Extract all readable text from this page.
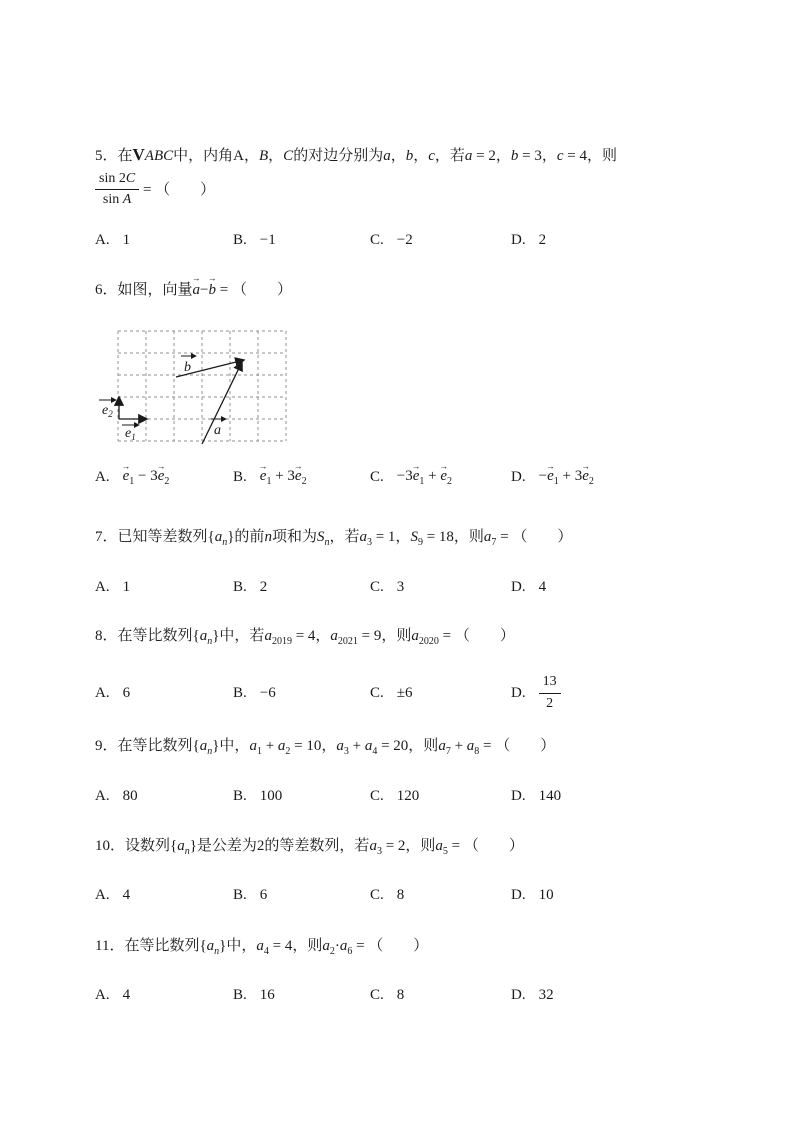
5．在VABC中，内角A，B，C的对边分别为a，b，c，若a = 2，b = 3，c = 4，则
$\frac{\sin 2C}{\text{sin A}}$ = （　　）
A. 1	B. −1	C. −2	D. 2
6．如图，向量a →−b → = （　　）
$e_2$
$e_1$
b
a
A. $e \to_1 - 3e \to_2$	B. $e \to_1 + 3e \to_2$	C. $-3e \to_1 + e \to_2$	D. $-e \to_1 + 3e \to_2$
7．已知等差数列$\{a_n\}$的前n项和为$S_n$，若$a_3 = 1$，$S_9 = 18$，则$a_7$ = （　　）
A. 1	B. 2	C. 3	D. 4
8．在等比数列$\{a_n\}$中，若$a_{2019} = 4$，$a_{2021} = 9$，则$a_{2020}$ = （　　）
A. 6	B. −6	C. ±6	D. $\frac{13}{2}$
9．在等比数列$\{a_n\}$中，$a_1 + a_2 = 10$，$a_3 + a_4 = 20$，则$a_7 + a_8$ = （　　）
A. 80	B. 100	C. 120	D. 140
10．设数列$\{a_n\}$是公差为2的等差数列，若$a_3 = 2$，则$a_5$ = （　　）
A. 4	B. 6	C. 8	D. 10
11．在等比数列$\{a_n\}$中，$a_4 = 4$，则$a_2\cdot a_6$ = （　　）
A. 4	B. 16	C. 8	D. 32
